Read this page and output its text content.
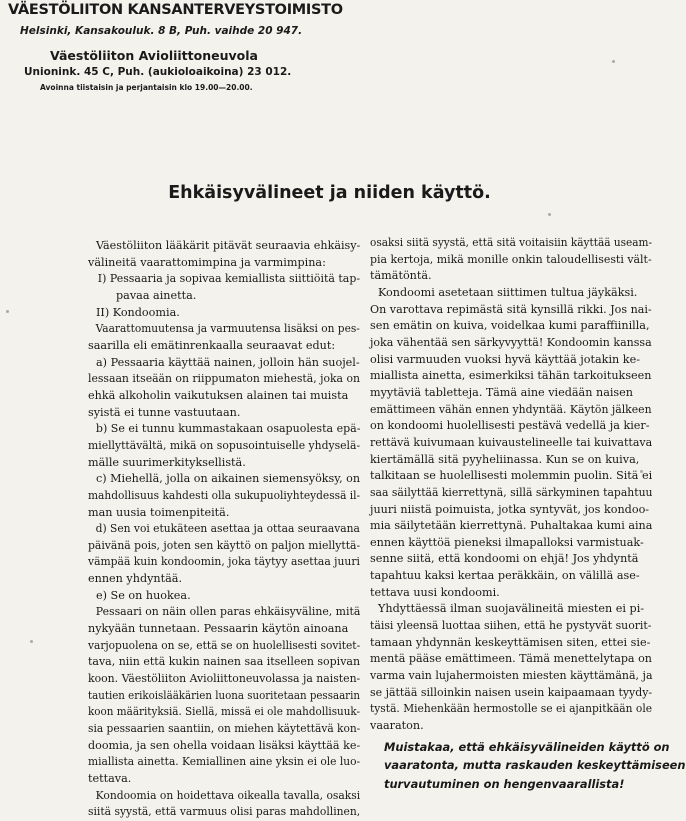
VÄESTÖLIITON KANSANTERVEYSTOIMISTO
Helsinki, Kansakouluk. 8 B, Puh. vaihde 20 947.
Väestöliiton Avioliittoneuvola
Unionink. 45 C, Puh. (aukioloaikoina) 23 012.
Avoinna tiistaisin ja perjantaisin klo 19.00—20.00.
Ehkäisyvälineet ja niiden käyttö.

Väestöliiton lääkärit pitävät seuraavia ehkäisy-

välineitä vaarattomimpina ja varmimpina:

I) Pessaaria ja sopivaa kemiallista siittiöitä tap-

pavaa ainetta.

II) Kondoomia.

Vaarattomuutensa ja varmuutensa lisäksi on pes-

saarilla eli emätinrenkaalla seuraavat edut:

a) Pessaaria käyttää nainen, jolloin hän suojel-

lessaan itseään on riippumaton miehestä, joka on

ehkä alkoholin vaikutuksen alainen tai muista

syistä ei tunne vastuutaan.

b) Se ei tunnu kummastakaan osapuolesta epä-

miellyttävältä, mikä on sopusointuiselle yhdyselä-

mälle suurimerkityksellistä.

c) Miehellä, jolla on aikainen siemensyöksy, on

mahdollisuus kahdesti olla sukupuoliyhteydessä il-

man uusia toimenpiteitä.

d) Sen voi etukäteen asettaa ja ottaa seuraavana

päivänä pois, joten sen käyttö on paljon miellyttä-

vämpää kuin kondoomin, joka täytyy asettaa juuri

ennen yhdyntää.

e) Se on huokea.

Pessaari on näin ollen paras ehkäisyväline, mitä

nykyään tunnetaan. Pessaarin käytön ainoana

varjopuolena on se, että se on huolellisesti sovitet-

tava, niin että kukin nainen saa itselleen sopivan

koon. Väestöliiton Avioliittoneuvolassa ja naisten-

tautien erikoislääkärien luona suoritetaan pessaarin

koon määrityksiä. Siellä, missä ei ole mahdollisuuk-

sia pessaarien saantiin, on miehen käytettävä kon-

doomia, ja sen ohella voidaan lisäksi käyttää ke-

miallista ainetta. Kemiallinen aine yksin ei ole luo-

tettava.

Kondoomia on hoidettava oikealla tavalla, osaksi

siitä syystä, että varmuus olisi paras mahdollinen,

osaksi siitä syystä, että sitä voitaisiin käyttää useam-

pia kertoja, mikä monille onkin taloudellisesti vält-

tämätöntä.

Kondoomi asetetaan siittimen tultua jäykäksi.

On varottava repimästä sitä kynsillä rikki. Jos nai-

sen emätin on kuiva, voidelkaa kumi paraffiinilla,

joka vähentää sen särkyvyyttä! Kondoomin kanssa

olisi varmuuden vuoksi hyvä käyttää jotakin ke-

miallista ainetta, esimerkiksi tähän tarkoitukseen

myytäviä tabletteja. Tämä aine viedään naisen

emättimeen vähän ennen yhdyntää. Käytön jälkeen

on kondoomi huolellisesti pestävä vedellä ja kier-

rettävä kuivumaan kuivaustelineelle tai kuivattava

kiertämällä sitä pyyheliinassa. Kun se on kuiva,

talkitaan se huolellisesti molemmin puolin. Sitä ei

saa säilyttää kierrettynä, sillä särkyminen tapahtuu

juuri niistä poimuista, jotka syntyvät, jos kondoo-

mia säilytetään kierrettynä. Puhaltakaa kumi aina

ennen käyttöä pieneksi ilmapalloksi varmistuak-

senne siitä, että kondoomi on ehjä! Jos yhdyntä

tapahtuu kaksi kertaa peräkkäin, on välillä ase-

tettava uusi kondoomi.

Yhdyttäessä ilman suojavälineitä miesten ei pi-

täisi yleensä luottaa siihen, että he pystyvät suorit-

tamaan yhdynnän keskeyttämisen siten, ettei sie-

mentä pääse emättimeen. Tämä menettelytapa on

varma vain lujahermoisten miesten käyttämänä, ja

se jättää silloinkin naisen usein kaipaamaan tyydy-

tystä. Miehenkään hermostolle se ei ajanpitkään ole

vaaraton.

Muistakaa, että ehkäisyvälineiden käyttö on

vaaratonta, mutta raskauden keskeyttämiseen

turvautuminen on hengenvaarallista!
